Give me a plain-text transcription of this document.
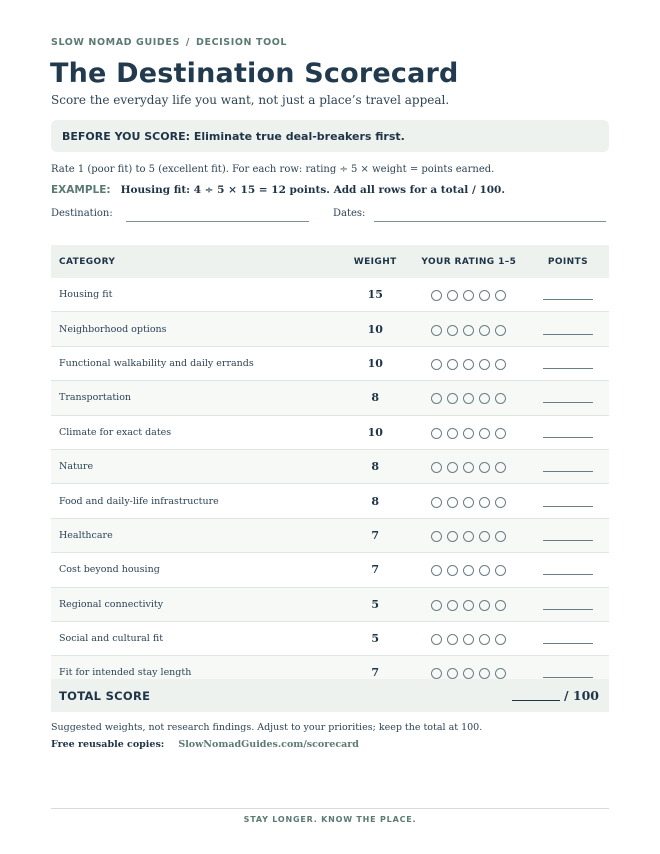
SLOW NOMAD GUIDES / DECISION TOOL
The Destination Scorecard
Score the everyday life you want, not just a place’s travel appeal.
BEFORE YOU SCORE: Eliminate true deal-breakers first.
Rate 1 (poor fit) to 5 (excellent fit). For each row: rating ÷ 5 × weight = points earned.
EXAMPLE: Housing fit: 4 ÷ 5 × 15 = 12 points. Add all rows for a total / 100.
Destination:	Dates:
CATEGORY	WEIGHT	YOUR RATING 1–5	POINTS
Housing fit	15	

Neighborhood options	10	

Functional walkability and daily errands	10	

Transportation	8	

Climate for exact dates	10	

Nature	8	

Food and daily-life infrastructure	8	

Healthcare	7	

Cost beyond housing	7	

Regional connectivity	5	

Social and cultural fit	5	

Fit for intended stay length	7	

TOTAL SCORE	/ 100
Suggested weights, not research findings. Adjust to your priorities; keep the total at 100.
Free reusable copies: SlowNomadGuides.com/scorecard
STAY LONGER. KNOW THE PLACE.
